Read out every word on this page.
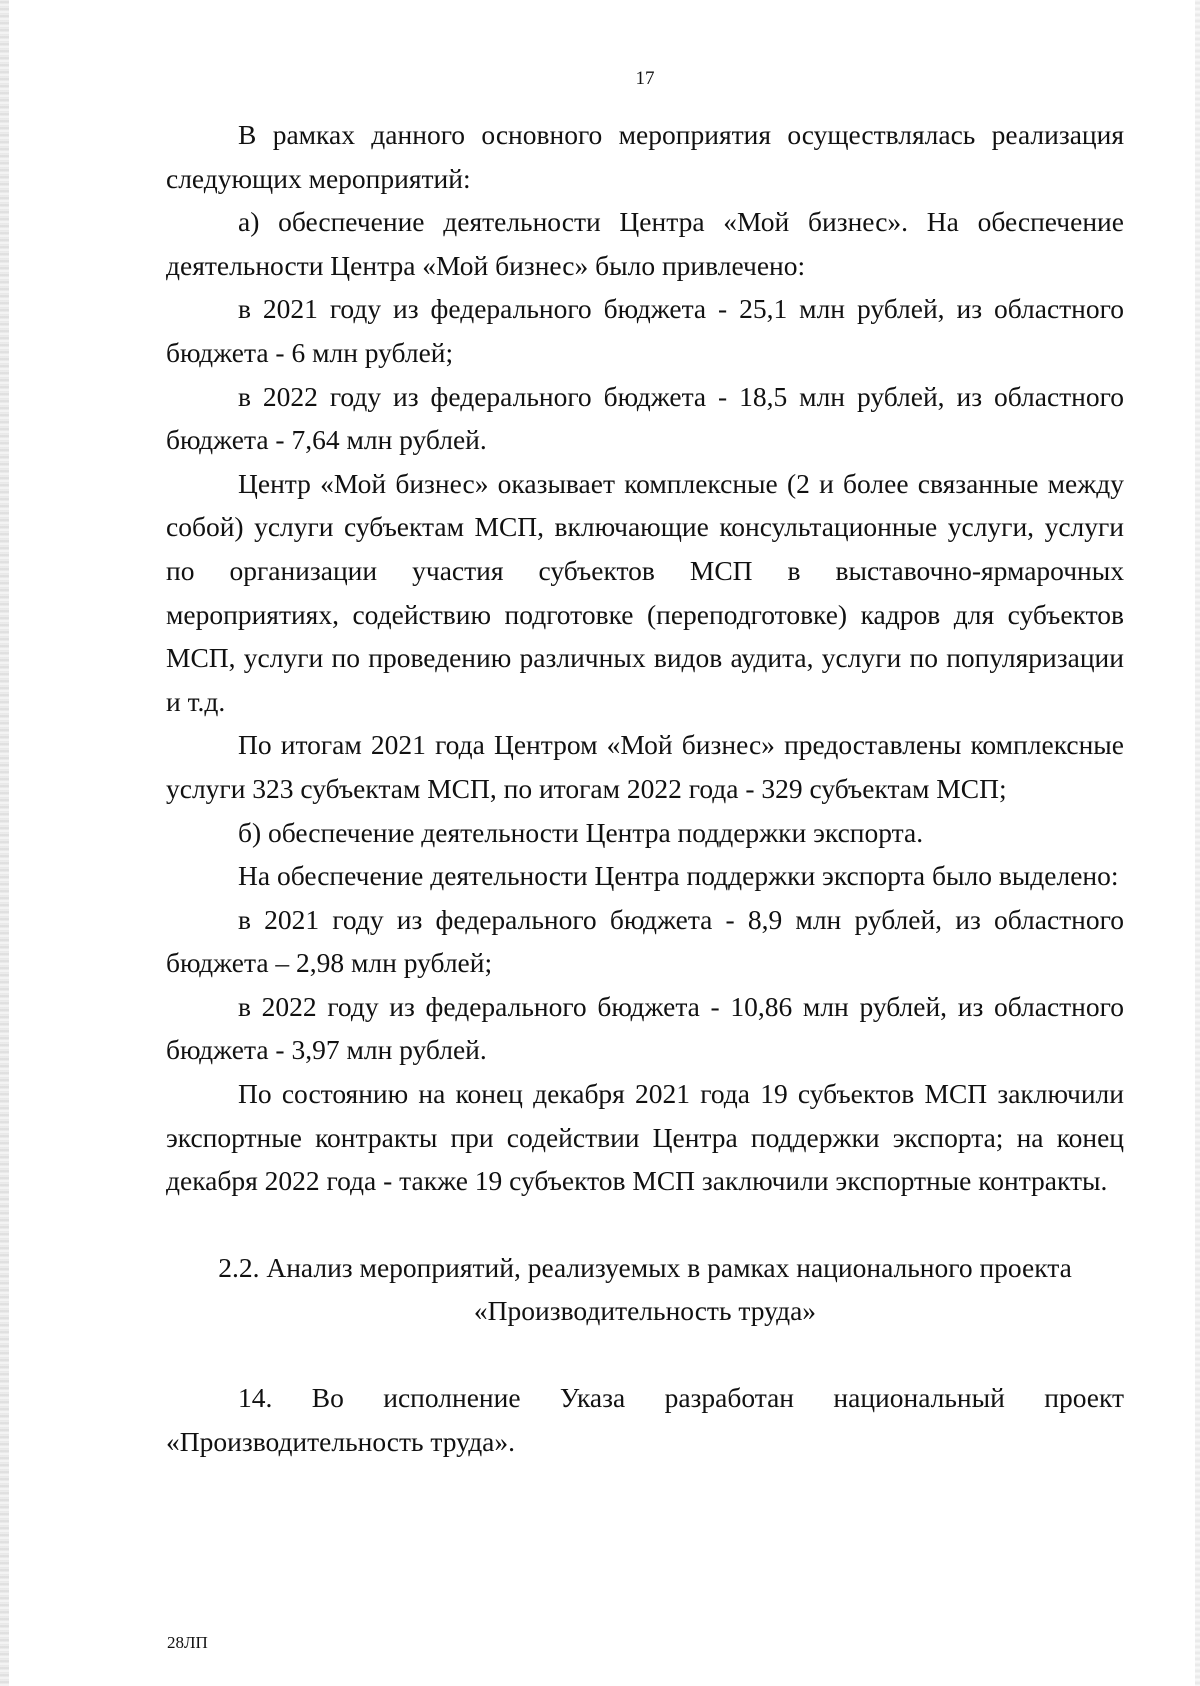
17

В рамках данного основного мероприятия осуществлялась реализация следующих мероприятий:

а) обеспечение деятельности Центра «Мой бизнес». На обеспечение деятельности Центра «Мой бизнес» было привлечено:

в 2021 году из федерального бюджета - 25,1 млн рублей, из областного бюджета - 6 млн рублей;

в 2022 году из федерального бюджета - 18,5 млн рублей, из областного бюджета - 7,64 млн рублей.

Центр «Мой бизнес» оказывает комплексные (2 и более связанные между собой) услуги субъектам МСП, включающие консультационные услуги, услуги по организации участия субъектов МСП в выставочно-ярмарочных мероприятиях, содействию подготовке (переподготовке) кадров для субъектов МСП, услуги по проведению различных видов аудита, услуги по популяризации и т.д.

По итогам 2021 года Центром «Мой бизнес» предоставлены комплексные услуги 323 субъектам МСП, по итогам 2022 года - 329 субъектам МСП;

б) обеспечение деятельности Центра поддержки экспорта.

На обеспечение деятельности Центра поддержки экспорта было выделено:

в 2021 году из федерального бюджета - 8,9 млн рублей, из областного бюджета – 2,98 млн рублей;

в 2022 году из федерального бюджета - 10,86 млн рублей, из областного бюджета - 3,97 млн рублей.

По состоянию на конец декабря 2021 года 19 субъектов МСП заключили экспортные контракты при содействии Центра поддержки экспорта; на конец декабря 2022 года - также 19 субъектов МСП заключили экспортные контракты.

2.2. Анализ мероприятий, реализуемых в рамках национального проекта

«Производительность труда»

14. Во исполнение Указа разработан национальный проект «Производительность труда».

28ЛП
